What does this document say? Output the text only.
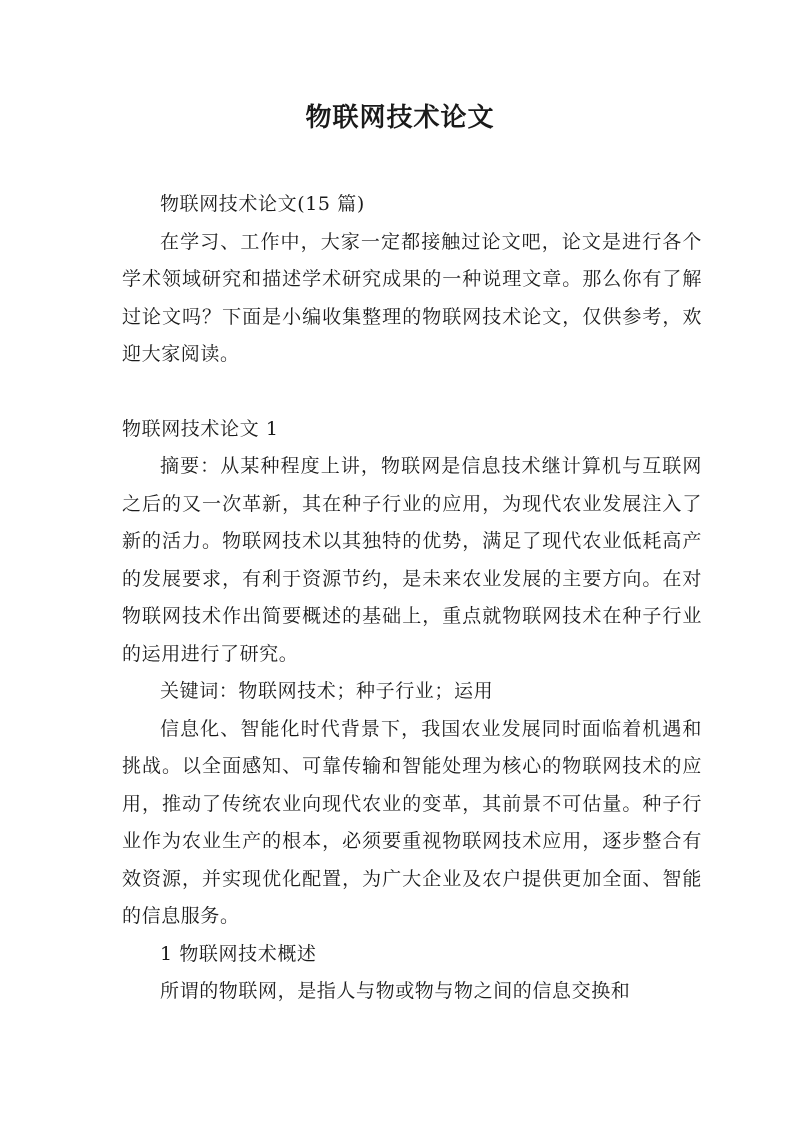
物联网技术论文

物联网技术论文(15 篇)

在学习、工作中，大家一定都接触过论文吧，论文是进行各个学术领域研究和描述学术研究成果的一种说理文章。那么你有了解过论文吗？下面是小编收集整理的物联网技术论文，仅供参考，欢迎大家阅读。

物联网技术论文 1

摘要：从某种程度上讲，物联网是信息技术继计算机与互联网之后的又一次革新，其在种子行业的应用，为现代农业发展注入了新的活力。物联网技术以其独特的优势，满足了现代农业低耗高产的发展要求，有利于资源节约，是未来农业发展的主要方向。在对物联网技术作出简要概述的基础上，重点就物联网技术在种子行业的运用进行了研究。

关键词：物联网技术；种子行业；运用

信息化、智能化时代背景下，我国农业发展同时面临着机遇和挑战。以全面感知、可靠传输和智能处理为核心的物联网技术的应用，推动了传统农业向现代农业的变革，其前景不可估量。种子行业作为农业生产的根本，必须要重视物联网技术应用，逐步整合有效资源，并实现优化配置，为广大企业及农户提供更加全面、智能的信息服务。

1 物联网技术概述

所谓的物联网，是指人与物或物与物之间的信息交换和
